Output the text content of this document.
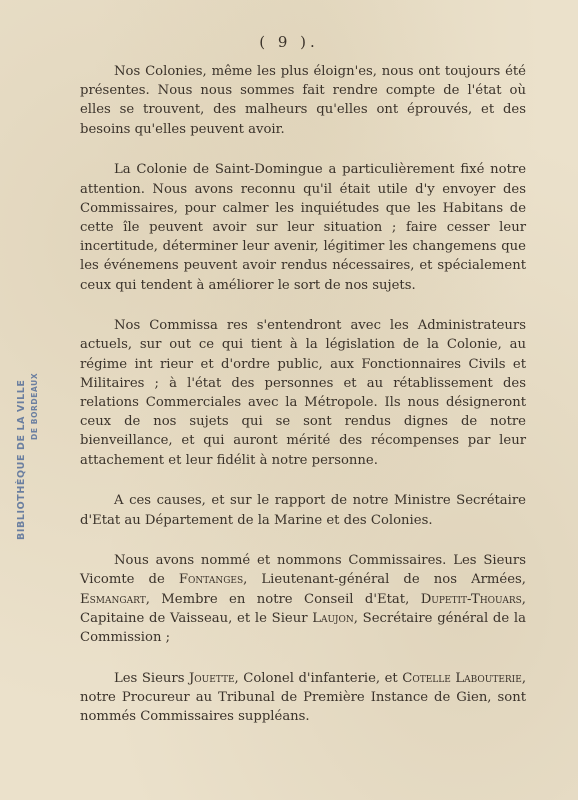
( 9 ).
BIBLIOTHÈQUE DE LA VILLE DE BORDEAUX

Nos Colonies, même les plus éloign'es, nous ont toujours été présentes. Nous nous sommes fait rendre compte de l'état où elles se trouvent, des malheurs qu'elles ont éprouvés, et des besoins qu'elles peuvent avoir.

La Colonie de Saint-Domingue a particulièrement fixé notre attention. Nous avons reconnu qu'il était utile d'y envoyer des Commissaires, pour calmer les inquiétudes que les Habitans de cette île peuvent avoir sur leur situation ; faire cesser leur incertitude, déterminer leur avenir, légitimer les changemens que les événemens peuvent avoir rendus nécessaires, et spécialement ceux qui tendent à améliorer le sort de nos sujets.

Nos Commissa res s'entendront avec les Administrateurs actuels, sur out ce qui tient à la législation de la Colonie, au régime int rieur et d'ordre public, aux Fonctionnaires Civils et Militaires ; à l'état des personnes et au rétablissement des relations Commerciales avec la Métropole. Ils nous désigneront ceux de nos sujets qui se sont rendus dignes de notre bienveillance, et qui auront mérité des récompenses par leur attachement et leur fidélit à notre personne.

A ces causes, et sur le rapport de notre Ministre Secrétaire d'Etat au Département de la Marine et des Colonies.

Nous avons nommé et nommons Commissaires. Les Sieurs Vicomte de Fontanges, Lieutenant-général de nos Armées, Esmangart, Membre en notre Conseil d'Etat, Dupetit-Thouars, Capitaine de Vaisseau, et le Sieur Laujon, Secrétaire général de la Commission ;

Les Sieurs Jouette, Colonel d'infanterie, et Cotelle Labouterie, notre Procureur au Tribunal de Première Instance de Gien, sont nommés Commissaires suppléans.
